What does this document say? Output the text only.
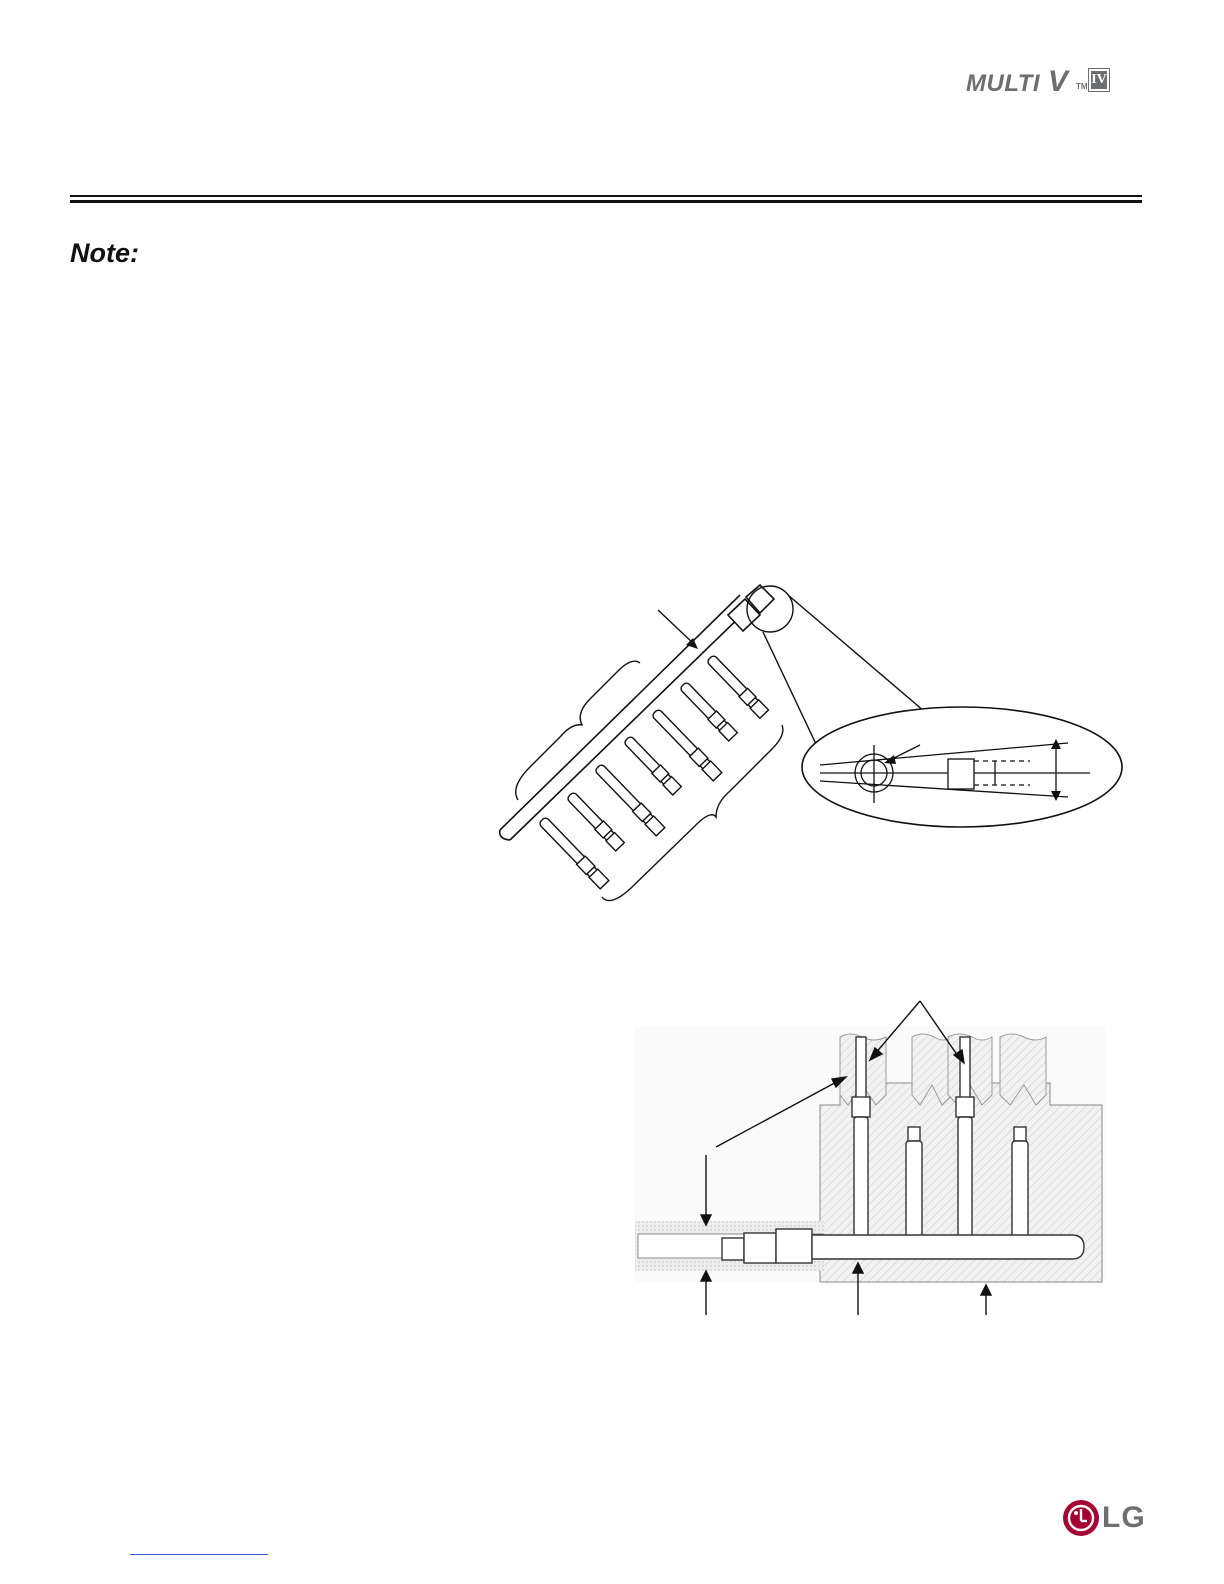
MULTI V TM IV
Note:
LG
